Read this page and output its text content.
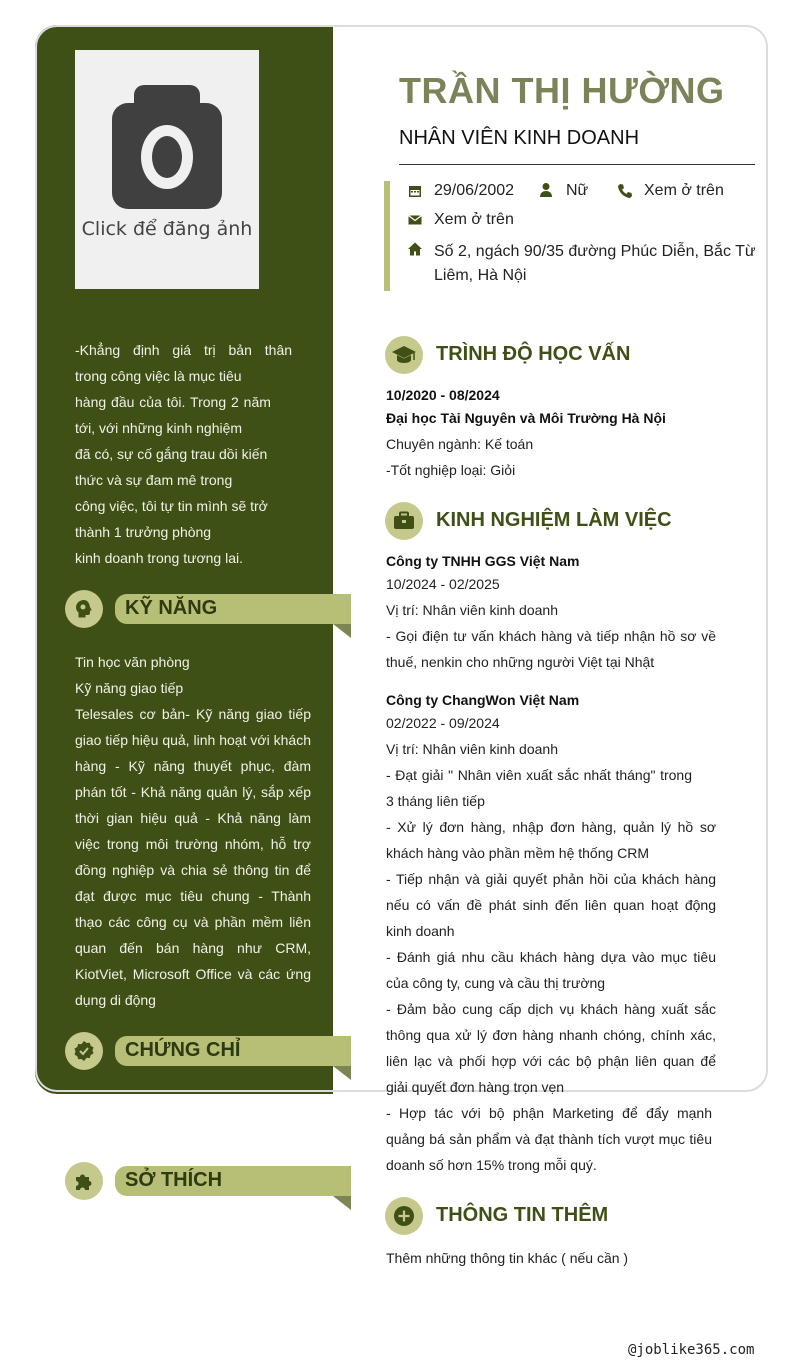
Click để đăng ảnh
-Khẳng định giá trị bản thân
trong công việc là mục tiêu
hàng đầu của tôi. Trong 2 năm
tới, với những kinh nghiệm
đã có, sự cố gắng trau dồi kiến
thức và sự đam mê trong
công việc, tôi tự tin mình sẽ trở
thành 1 trưởng phòng
kinh doanh trong tương lai.
KỸ NĂNG
Tin học văn phòng
Kỹ năng giao tiếp
Telesales cơ bản- Kỹ năng giao tiếp giao tiếp hiệu quả, linh hoạt với khách hàng - Kỹ năng thuyết phục, đàm phán tốt - Khả năng quản lý, sắp xếp thời gian hiệu quả - Khả năng làm việc trong môi trường nhóm, hỗ trợ đồng nghiệp và chia sẻ thông tin để đạt được mục tiêu chung - Thành thạo các công cụ và phần mềm liên quan đến bán hàng như CRM, KiotViet, Microsoft Office và các ứng dụng di động
CHỨNG CHỈ
SỞ THÍCH
TRẦN THỊ HƯỜNG
NHÂN VIÊN KINH DOANH
29/06/2002	Nữ	Xem ở trên
Xem ở trên
Số 2, ngách 90/35 đường Phúc Diễn, Bắc Từ
Liêm, Hà Nội
TRÌNH ĐỘ HỌC VẤN
10/2020 - 08/2024
Đại học Tài Nguyên và Môi Trường Hà Nội
Chuyên ngành: Kế toán
-Tốt nghiệp loại: Giỏi
KINH NGHIỆM LÀM VIỆC
Công ty TNHH GGS Việt Nam
10/2024 - 02/2025
Vị trí: Nhân viên kinh doanh
- Gọi điện tư vấn khách hàng và tiếp nhận hồ sơ về thuế, nenkin cho những người Việt tại Nhật
Công ty ChangWon Việt Nam
02/2022 - 09/2024
Vị trí: Nhân viên kinh doanh
- Đạt giải " Nhân viên xuất sắc nhất tháng" trong 3 tháng liên tiếp
- Xử lý đơn hàng, nhập đơn hàng, quản lý hồ sơ khách hàng vào phần mềm hệ thống CRM
- Tiếp nhận và giải quyết phản hồi của khách hàng nếu có vấn đề phát sinh đến liên quan hoạt động kinh doanh
- Đánh giá nhu cầu khách hàng dựa vào mục tiêu của công ty, cung và cầu thị trường
- Đảm bảo cung cấp dịch vụ khách hàng xuất sắc thông qua xử lý đơn hàng nhanh chóng, chính xác, liên lạc và phối hợp với các bộ phận liên quan để giải quyết đơn hàng trọn vẹn
- Hợp tác với bộ phận Marketing để đẩy mạnh quảng bá sản phẩm và đạt thành tích vượt mục tiêu doanh số hơn 15% trong mỗi quý.
THÔNG TIN THÊM
Thêm những thông tin khác ( nếu cần )
@joblike365.com
